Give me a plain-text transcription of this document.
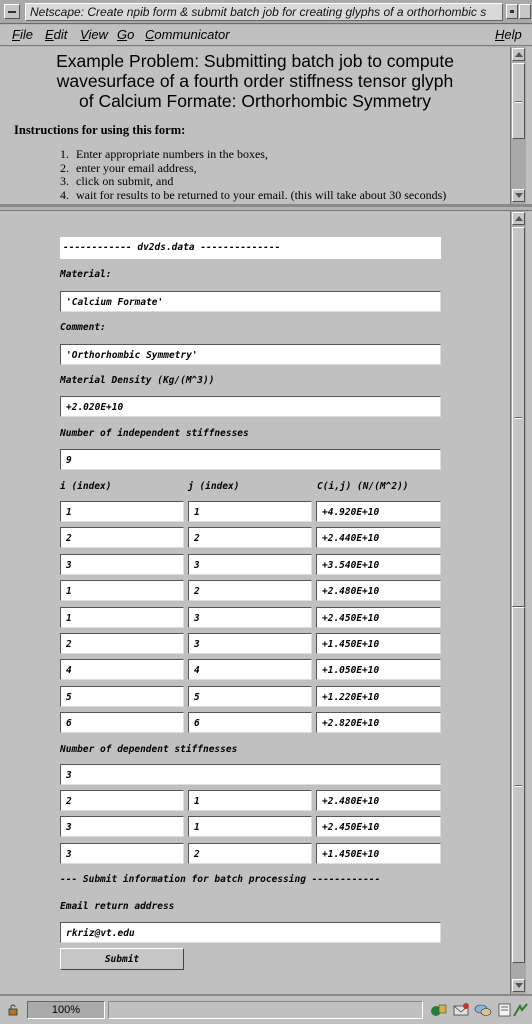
Netscape: Create npib form & submit batch job for creating glyphs of a orthorhombic s
File Edit View Go Communicator	Help
Example Problem: Submitting batch job to compute
wavesurface of a fourth order stiffness tensor glyph
of Calcium Formate: Orthorhombic Symmetry
Instructions for using this form:
1. Enter appropriate numbers in the boxes,
2. enter your email address,
3. click on submit, and
4. wait for results to be returned to your email. (this will take about 30 seconds)
------------ dv2ds.data --------------
Material:
'Calcium Formate'
Comment:
'Orthorhombic Symmetry'
Material Density (Kg/(M^3))
+2.020E+10
Number of independent stiffnesses
9
i (index)	j (index)	C(i,j) (N/(M^2))
1	1	+4.920E+10
2	2	+2.440E+10
3	3	+3.540E+10
1	2	+2.480E+10
1	3	+2.450E+10
2	3	+1.450E+10
4	4	+1.050E+10
5	5	+1.220E+10
6	6	+2.820E+10
Number of dependent stiffnesses
3
2	1	+2.480E+10
3	1	+2.450E+10
3	2	+1.450E+10
--- Submit information for batch processing ------------
Email return address
rkriz@vt.edu
Submit
100%
